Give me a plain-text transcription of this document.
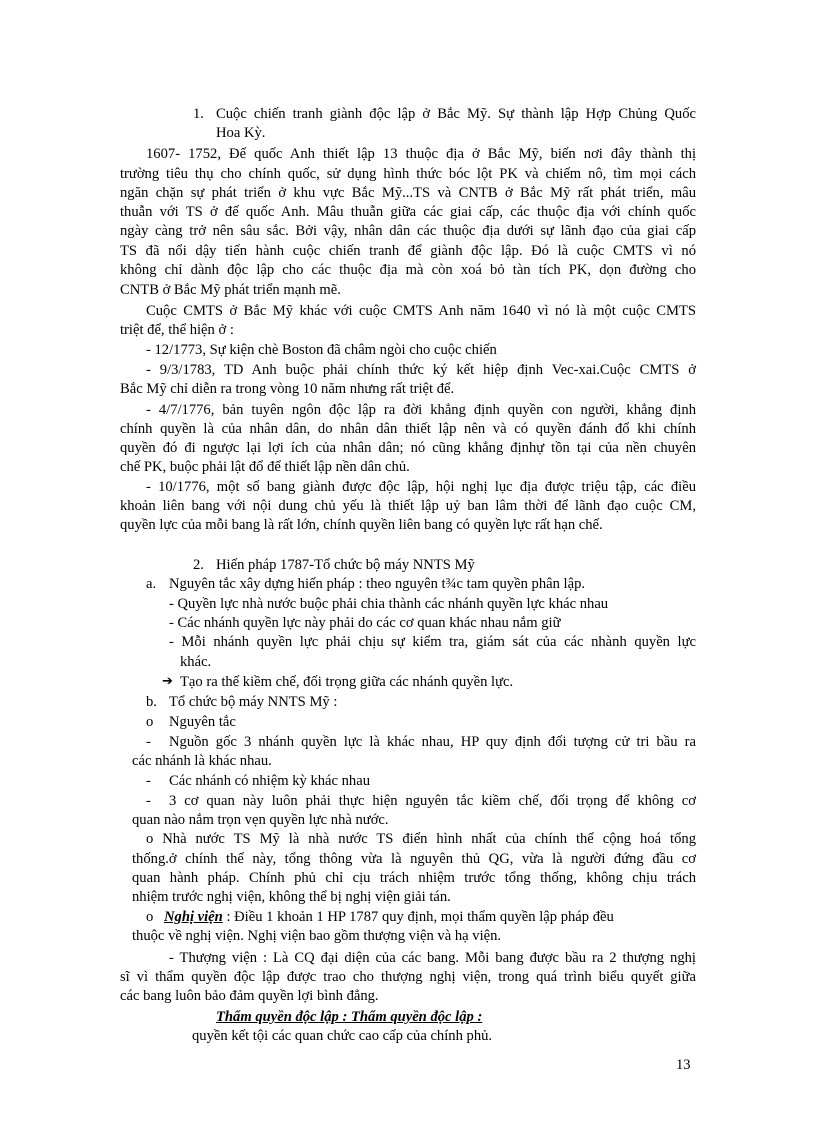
1. Cuộc chiến tranh giành độc lập ở Bắc Mỹ. Sự thành lập Hợp Chủng Quốc
Hoa Kỳ.
1607- 1752, Đế quốc Anh thiết lập 13 thuộc địa ở Bắc Mỹ, biến nơi đây thành thị
trường tiêu thụ cho chính quốc, sử dụng hình thức bóc lột PK và chiếm nô, tìm mọi cách
ngăn chặn sự phát triển ở khu vực Bắc Mỹ...TS và CNTB ở Bắc Mỹ rất phát triển, mâu
thuẫn với TS ở đế quốc Anh. Mâu thuẫn giữa các giai cấp, các thuộc địa với chính quốc
ngày càng trở nên sâu sắc. Bởi vậy, nhân dân các thuộc địa dưới sự lãnh đạo của giai cấp
TS đã nổi dậy tiến hành cuộc chiến tranh để giành độc lập. Đó là cuộc CMTS vì nó
không chỉ dành độc lập cho các thuộc địa mà còn xoá bỏ tàn tích PK, dọn đường cho
CNTB ở Bắc Mỹ phát triển mạnh mẽ.
Cuộc CMTS ở Bắc Mỹ khác với cuộc CMTS Anh năm 1640 vì nó là một cuộc CMTS
triệt để, thể hiện ở :
- 12/1773, Sự kiện chè Boston đã châm ngòi cho cuộc chiến
- 9/3/1783, TD Anh buộc phải chính thức ký kết hiệp định Vec-xai.Cuộc CMTS ở
Bắc Mỹ chỉ diễn ra trong vòng 10 năm nhưng rất triệt để.
- 4/7/1776, bản tuyên ngôn độc lập ra đời khẳng định quyền con người, khẳng định
chính quyền là của nhân dân, do nhân dân thiết lập nên và có quyền đánh đổ khi chính
quyền đó đi ngược lại lợi ích của nhân dân; nó cũng khẳng địnhự tồn tại của nền chuyên
chế PK, buộc phải lật đổ để thiết lập nền dân chủ.
- 10/1776, một số bang giành được độc lập, hội nghị lục địa được triệu tập, các điều
khoản liên bang với nội dung chủ yếu là thiết lập uỷ ban lâm thời để lãnh đạo cuộc CM,
quyền lực của mỗi bang là rất lớn, chính quyền liên bang có quyền lực rất hạn chế.
2. Hiến pháp 1787-Tổ chức bộ máy NNTS Mỹ
a. Nguyên tắc xây dựng hiến pháp : theo nguyên t¾c tam quyền phân lập.
- Quyền lực nhà nước buộc phải chia thành các nhánh quyền lực khác nhau
- Các nhánh quyền lực này phải do các cơ quan khác nhau nắm giữ
- Mỗi nhánh quyền lực phải chịu sự kiểm tra, giám sát của các nhành quyền lực
khác.
➔ Tạo ra thế kiềm chế, đối trọng giữa các nhánh quyền lực.
b. Tổ chức bộ máy NNTS Mỹ :
o Nguyên tắc
- Nguồn gốc 3 nhánh quyền lực là khác nhau, HP quy định đối tượng cử tri bầu ra
các nhánh là khác nhau.
- Các nhánh có nhiệm kỳ khác nhau
- 3 cơ quan này luôn phải thực hiện nguyên tắc kiềm chế, đối trọng để không cơ
quan nào nắm trọn vẹn quyền lực nhà nước.
o Nhà nước TS Mỹ là nhà nước TS điển hình nhất của chính thể cộng hoá tổng
thống.ở chính thể này, tổng thông vừa là nguyên thủ QG, vừa là người đứng đầu cơ
quan hành pháp. Chính phủ chỉ cịu trách nhiệm trước tổng thống, không chịu trách
nhiệm trước nghị viện, không thể bị nghị viện giải tán.
o Nghị viện : Điều 1 khoản 1 HP 1787 quy định, mọi thẩm quyền lập pháp đều
thuộc về nghị viện. Nghị viện bao gồm thượng viện và hạ viện.
- Thượng viện : Là CQ đại diện của các bang. Mỗi bang được bầu ra 2 thượng nghị
sĩ vì thẩm quyền độc lập được trao cho thượng nghị viện, trong quá trình biểu quyết giữa
các bang luôn bảo đảm quyền lợi bình đẳng.
Thẩm quyền độc lập : Thẩm quyền độc lập :
quyền kết tội các quan chức cao cấp của chính phủ.
13
